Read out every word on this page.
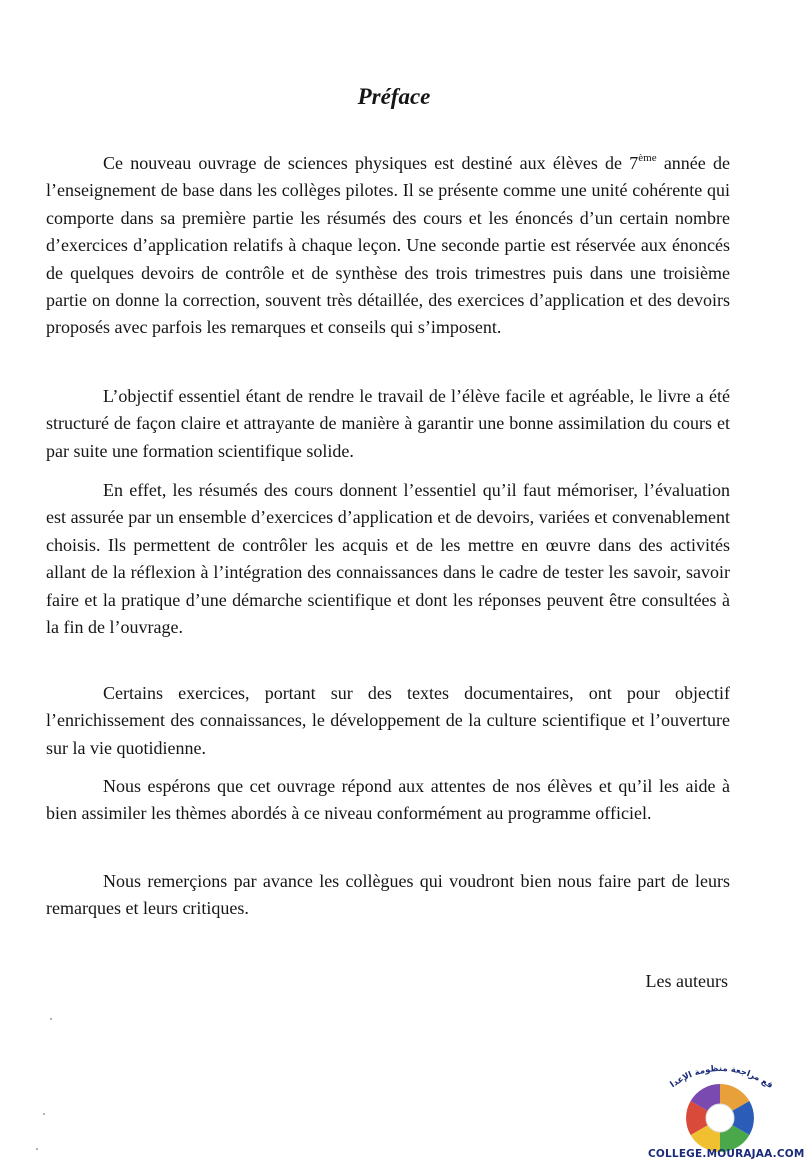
Préface

Ce nouveau ouvrage de sciences physiques est destiné aux élèves de 7ème année de l’enseignement de base dans les collèges pilotes. Il se présente comme une unité cohérente qui comporte dans sa première partie les résumés des cours et les énoncés d’un certain nombre d’exercices d’application relatifs à chaque leçon. Une seconde partie est réservée aux énoncés de quelques devoirs de contrôle et de synthèse des trois trimestres puis dans une troisième partie on donne la correction, souvent très détaillée, des exercices d’application et des devoirs proposés avec parfois les remarques et conseils qui s’imposent.

L’objectif essentiel étant de rendre le travail de l’élève facile et agréable, le livre a été structuré de façon claire et attrayante de manière à garantir une bonne assimilation du cours et par suite une formation scientifique solide.

En effet, les résumés des cours donnent l’essentiel qu’il faut mémoriser, l’évaluation est assurée par un ensemble d’exercices d’application et de devoirs, variées et convenablement choisis. Ils permettent de contrôler les acquis et de les mettre en œuvre dans des activités allant de la réflexion à l’intégration des connaissances dans le cadre de tester les savoir, savoir faire et la pratique d’une démarche scientifique et dont les réponses peuvent être consultées à la fin de l’ouvrage.

Certains exercices, portant sur des textes documentaires, ont pour objectif l’enrichissement des connaissances, le développement de la culture scientifique et l’ouverture sur la vie quotidienne.

Nous espérons que cet ouvrage répond aux attentes de nos élèves et qu’il les aide à bien assimiler les thèmes abordés à ce niveau conformément au programme officiel.

Nous remerçions par avance les collègues qui voudront bien nous faire part de leurs remarques et leurs critiques.

Les auteurs

قع مراجعة منظومة الإعدادي
COLLEGE.MOURAJAA.COM
